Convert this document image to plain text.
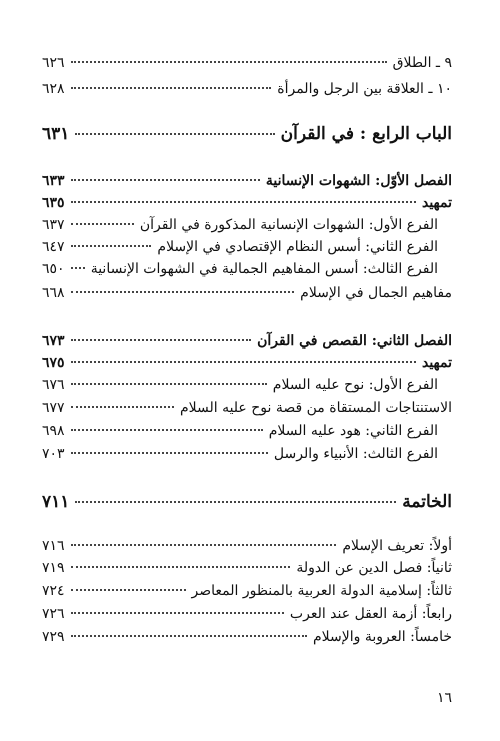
٩ ـ الطلاق
٦٢٦
١٠ ـ العلاقة بين الرجل والمرأة
٦٢٨
الباب الرابع : في القرآن
٦٣١
الفصل الأوّل: الشهوات الإنسانية
٦٣٣
تمهيد
٦٣٥
الفرع الأول: الشهوات الإنسانية المذكورة في القرآن
٦٣٧
الفرع الثاني: أسس النظام الإقتصادي في الإسلام
٦٤٧
الفرع الثالث: أسس المفاهيم الجمالية في الشهوات الإنسانية
٦٥٠
مفاهيم الجمال في الإسلام
٦٦٨
الفصل الثاني: القصص في القرآن
٦٧٣
تمهيد
٦٧٥
الفرع الأول: نوح عليه السلام
٦٧٦
الاستنتاجات المستقاة من قصة نوح عليه السلام
٦٧٧
الفرع الثاني: هود عليه السلام
٦٩٨
الفرع الثالث: الأنبياء والرسل
٧٠٣
الخاتمة
٧١١
أولاً: تعريف الإسلام
٧١٦
ثانياً: فصل الدين عن الدولة
٧١٩
ثالثاً: إسلامية الدولة العربية بالمنظور المعاصر
٧٢٤
رابعاً: أزمة العقل عند العرب
٧٢٦
خامساً: العروبة والإسلام
٧٢٩
١٦
